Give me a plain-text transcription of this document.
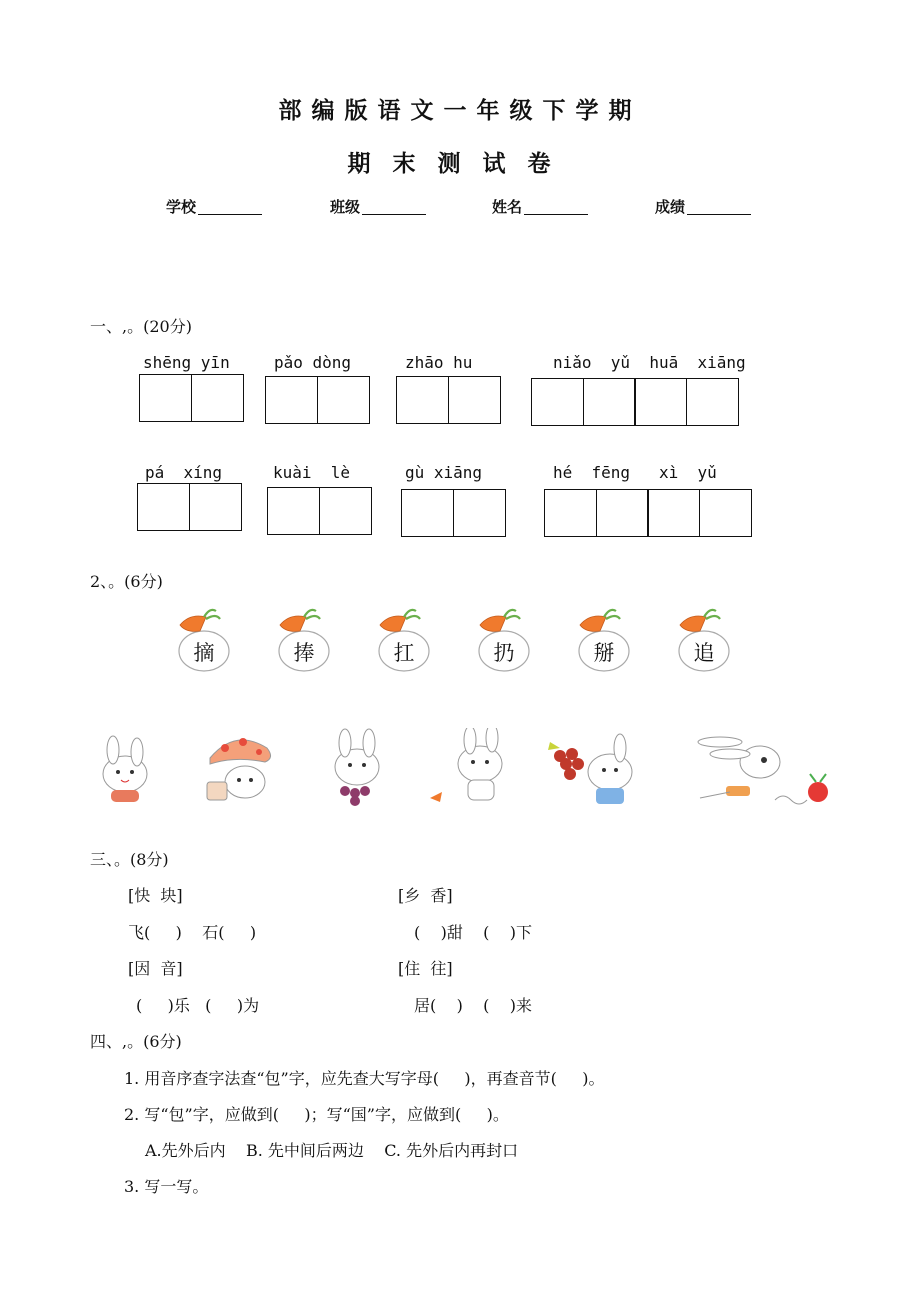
部编版语文一年级下学期
期末测试卷
学校	班级	姓名	成绩
一、,。(20分)
shēng yīn	pǎo dòng	zhāo hu	niǎo  yǔ  huā  xiāng
pá  xíng	kuài  lè	gù xiāng	hé  fēng   xì  yǔ
2、。(6分)
摘	捧	扛	扔	掰	追
三、。(8分)
[快  块]	[乡  香]
飞(     )    石(     )	(    )甜    (    )下
[因  音]	[住  往]
(     )乐   (     )为	居(    )    (    )来
四、,。(6分)
1. 用音序查字法查“包”字，应先查大写字母(     )，再查音节(     )。
2. 写“包”字，应做到(     )；写“国”字，应做到(     )。
A.先外后内    B. 先中间后两边    C. 先外后内再封口
3. 写一写。
